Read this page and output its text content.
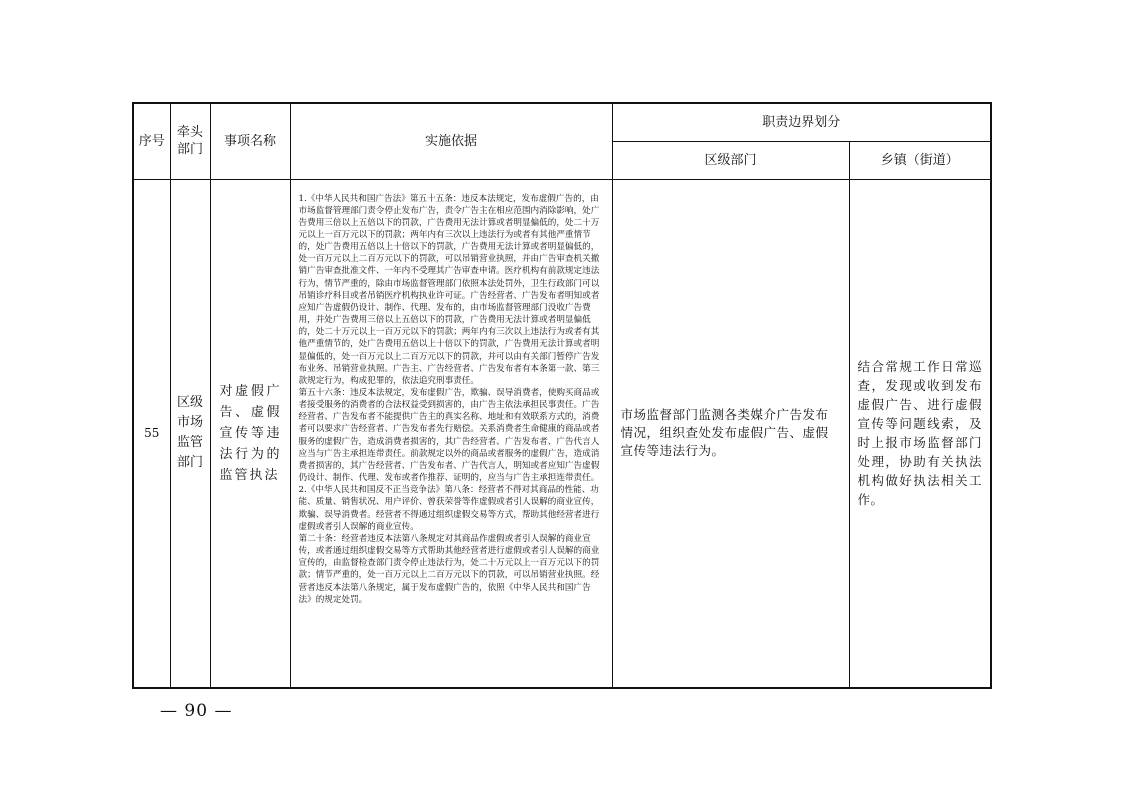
序号	牵头部门	事项名称	实施依据	职责边界划分	
				区级部门	乡镇（街道）
55	区级市场监管部门	对虚假广告、虚假宣传等违法行为的监管执法	1.《中华人民共和国广告法》第五十五条：违反本法规定，发布虚假广告的，由市场监督管理部门责令停止发布广告，责令广告主在相应范围内消除影响，处广告费用三倍以上五倍以下的罚款，广告费用无法计算或者明显偏低的，处二十万元以上一百万元以下的罚款；两年内有三次以上违法行为或者有其他严重情节的，处广告费用五倍以上十倍以下的罚款，广告费用无法计算或者明显偏低的，处一百万元以上二百万元以下的罚款，可以吊销营业执照，并由广告审查机关撤销广告审查批准文件、一年内不受理其广告审查申请。医疗机构有前款规定违法行为，情节严重的，除由市场监督管理部门依照本法处罚外，卫生行政部门可以吊销诊疗科目或者吊销医疗机构执业许可证。广告经营者、广告发布者明知或者应知广告虚假仍设计、制作、代理、发布的，由市场监督管理部门没收广告费用，并处广告费用三倍以上五倍以下的罚款，广告费用无法计算或者明显偏低的，处二十万元以上一百万元以下的罚款；两年内有三次以上违法行为或者有其他严重情节的，处广告费用五倍以上十倍以下的罚款，广告费用无法计算或者明显偏低的，处一百万元以上二百万元以下的罚款，并可以由有关部门暂停广告发布业务、吊销营业执照。广告主、广告经营者、广告发布者有本条第一款、第三款规定行为，构成犯罪的，依法追究刑事责任。

第五十六条：违反本法规定，发布虚假广告，欺骗、误导消费者，使购买商品或者接受服务的消费者的合法权益受到损害的，由广告主依法承担民事责任。广告经营者、广告发布者不能提供广告主的真实名称、地址和有效联系方式的，消费者可以要求广告经营者、广告发布者先行赔偿。关系消费者生命健康的商品或者服务的虚假广告，造成消费者损害的，其广告经营者、广告发布者、广告代言人应当与广告主承担连带责任。前款规定以外的商品或者服务的虚假广告，造成消费者损害的，其广告经营者、广告发布者、广告代言人，明知或者应知广告虚假仍设计、制作、代理、发布或者作推荐、证明的，应当与广告主承担连带责任。

2.《中华人民共和国反不正当竞争法》第八条：经营者不得对其商品的性能、功能、质量、销售状况、用户评价、曾获荣誉等作虚假或者引人误解的商业宣传，欺骗、误导消费者。经营者不得通过组织虚假交易等方式，帮助其他经营者进行虚假或者引人误解的商业宣传。

第二十条：经营者违反本法第八条规定对其商品作虚假或者引人误解的商业宣传，或者通过组织虚假交易等方式帮助其他经营者进行虚假或者引人误解的商业宣传的，由监督检查部门责令停止违法行为，处二十万元以上一百万元以下的罚款；情节严重的，处一百万元以上二百万元以下的罚款，可以吊销营业执照。经营者违反本法第八条规定，属于发布虚假广告的，依照《中华人民共和国广告法》的规定处罚。	市场监督部门监测各类媒介广告发布情况，组织查处发布虚假广告、虚假宣传等违法行为。	结合常规工作日常巡查，发现或收到发布虚假广告、进行虚假宣传等问题线索，及时上报市场监督部门处理，协助有关执法机构做好执法相关工作。
— 90 —
